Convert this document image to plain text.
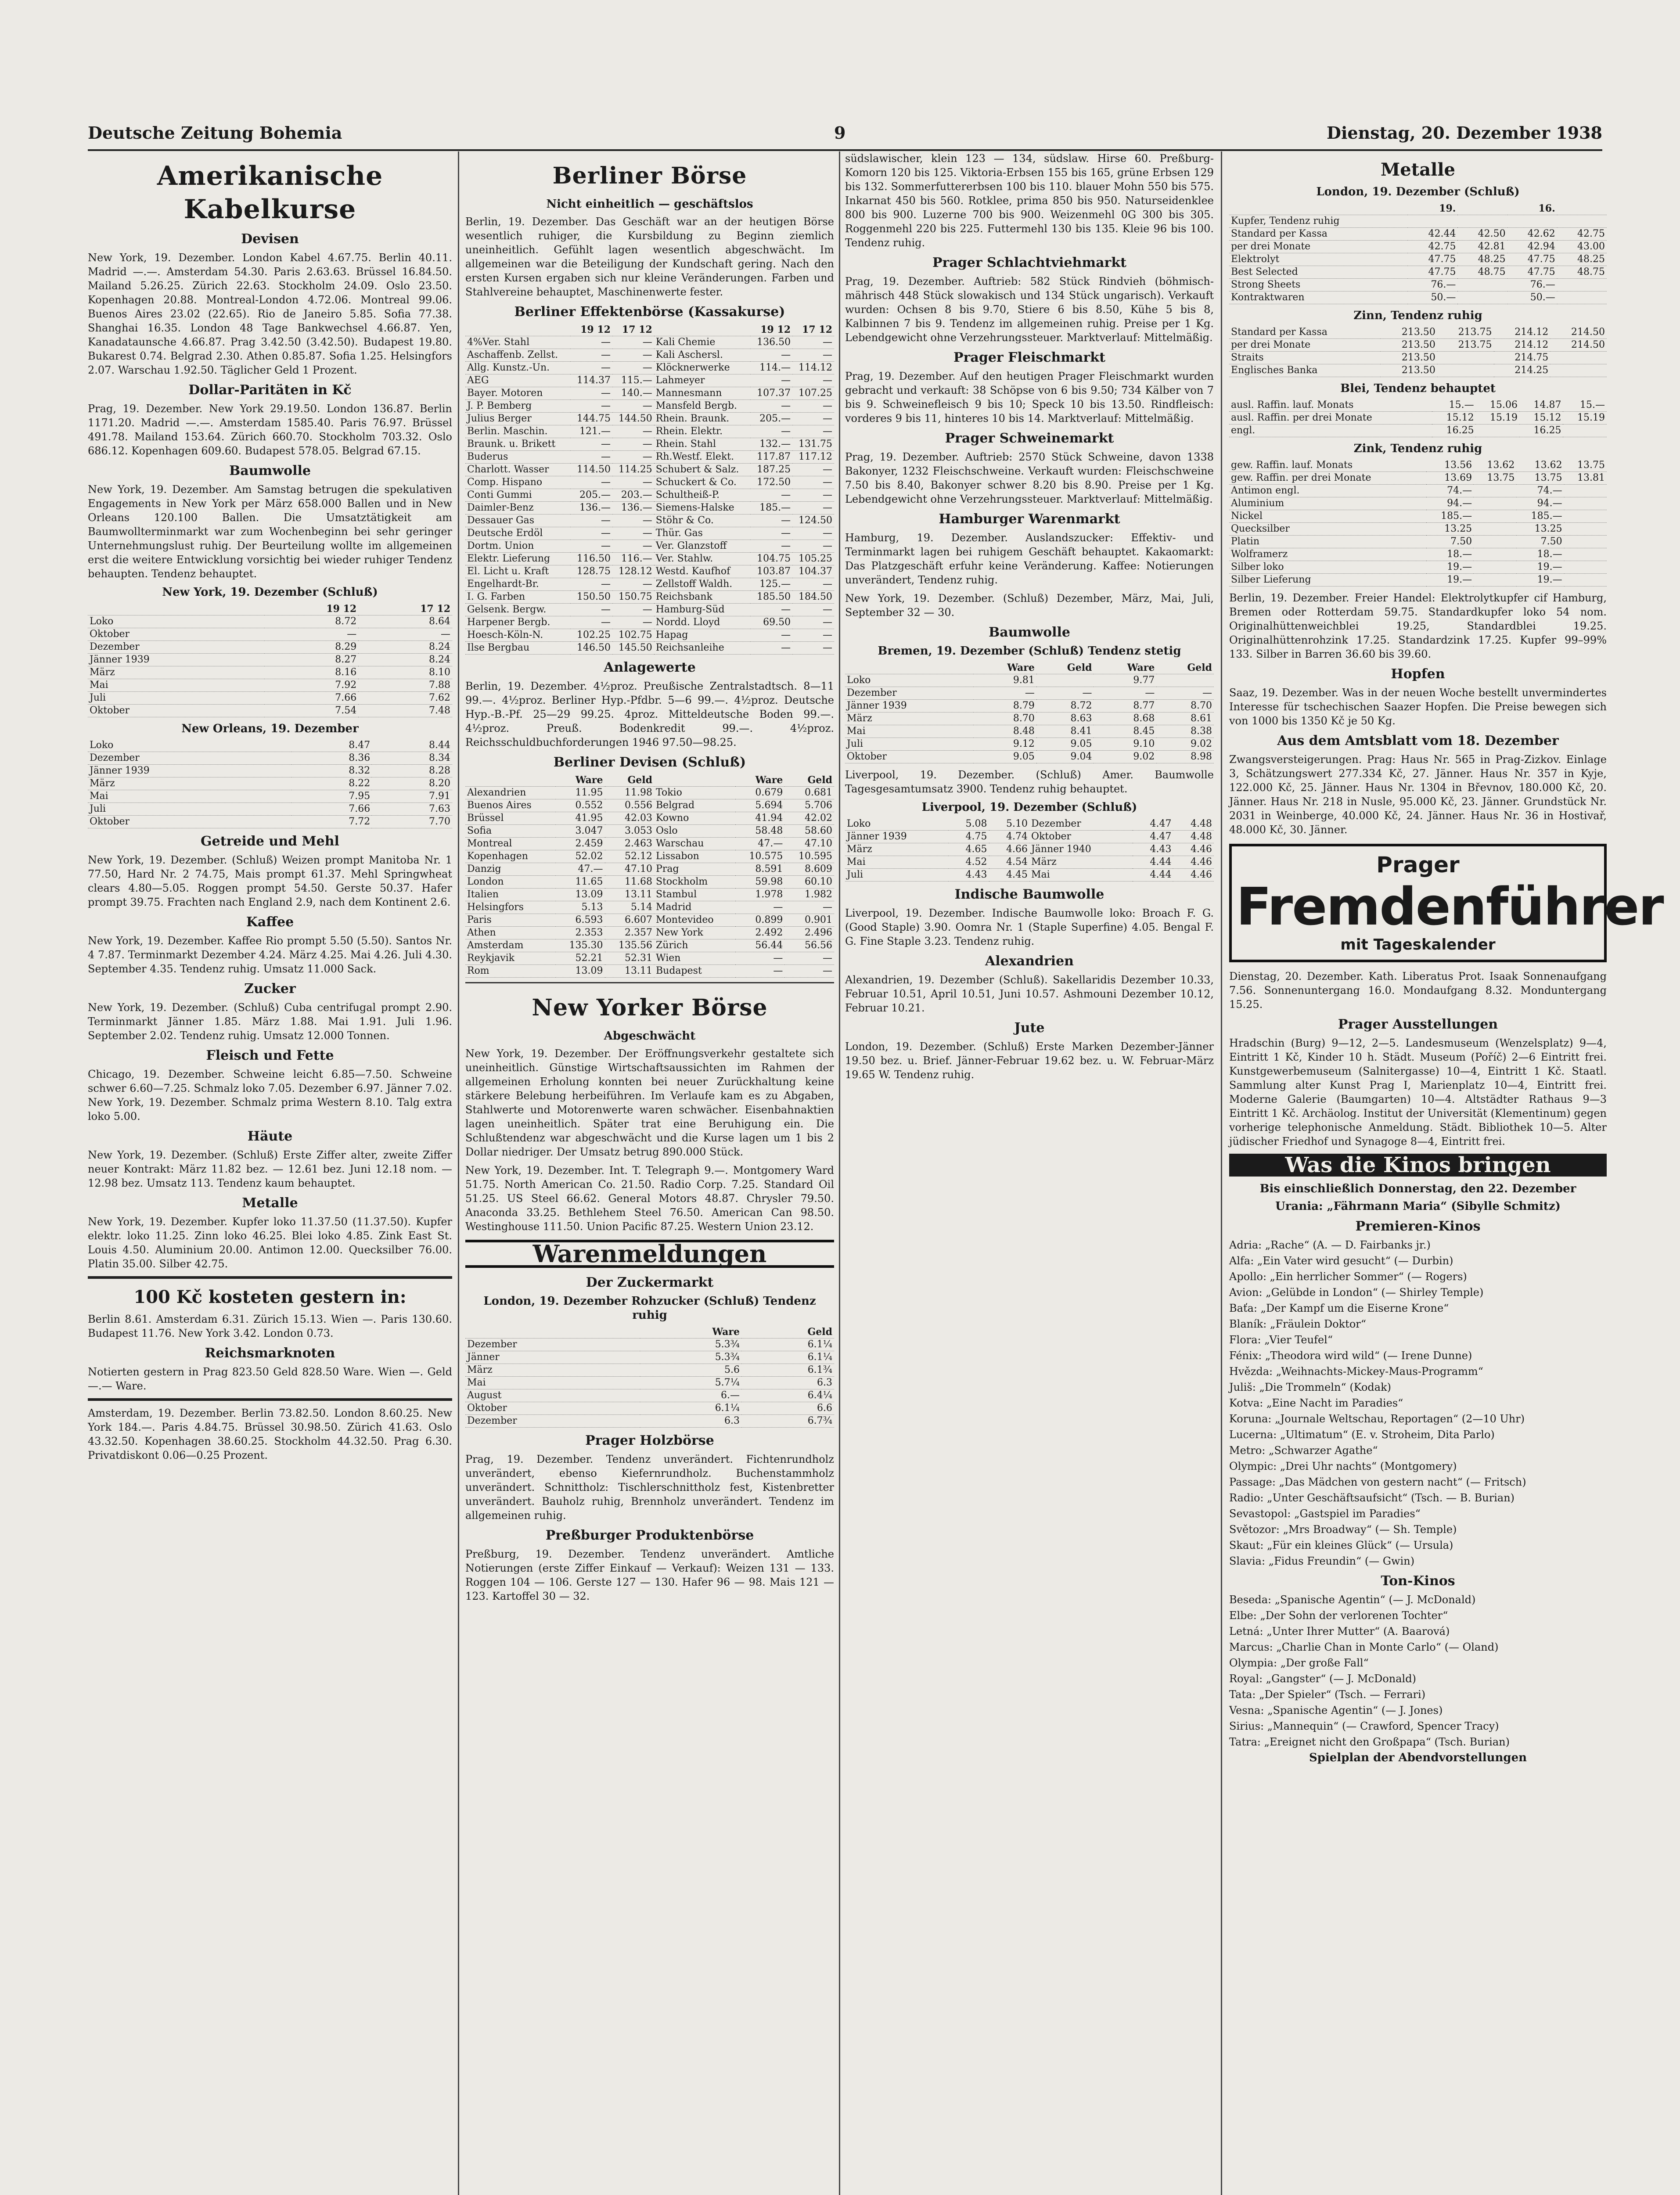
Deutsche Zeitung Bohemia	9	Dienstag, 20. Dezember 1938
Amerikanische Kabelkurse
Devisen

New York, 19. Dezember. London Kabel 4.67.75. Berlin 40.11. Madrid —.—. Amsterdam 54.30. Paris 2.63.63. Brüssel 16.84.50. Mailand 5.26.25. Zürich 22.63. Stockholm 24.09. Oslo 23.50. Kopenhagen 20.88. Montreal-London 4.72.06. Montreal 99.06. Buenos Aires 23.02 (22.65). Rio de Janeiro 5.85. Sofia 77.38. Shanghai 16.35. London 48 Tage Bankwechsel 4.66.87. Yen, Kanadataunsche 4.66.87. Prag 3.42.50 (3.42.50). Budapest 19.80. Bukarest 0.74. Belgrad 2.30. Athen 0.85.87. Sofia 1.25. Helsingfors 2.07. Warschau 1.92.50. Täglicher Geld 1 Prozent.

Dollar-Paritäten in Kč

Prag, 19. Dezember. New York 29.19.50. London 136.87. Berlin 1171.20. Madrid —.—. Amsterdam 1585.40. Paris 76.97. Brüssel 491.78. Mailand 153.64. Zürich 660.70. Stockholm 703.32. Oslo 686.12. Kopenhagen 609.60. Budapest 578.05. Belgrad 67.15.

Baumwolle

New York, 19. Dezember. Am Samstag betrugen die spekulativen Engagements in New York per März 658.000 Ballen und in New Orleans 120.100 Ballen. Die Umsatztätigkeit am Baumwollterminmarkt war zum Wochenbeginn bei sehr geringer Unternehmungslust ruhig. Der Beurteilung wollte im allgemeinen erst die weitere Entwicklung vorsichtig bei wieder ruhiger Tendenz behaupten. Tendenz behauptet.

New York, 19. Dezember (Schluß)
	19 12	17 12
Loko	8.72	8.64
Oktober	—	—
Dezember	8.29	8.24
Jänner 1939	8.27	8.24
März	8.16	8.10
Mai	7.92	7.88
Juli	7.66	7.62
Oktober	7.54	7.48
New Orleans, 19. Dezember
Loko	8.47	8.44
Dezember	8.36	8.34
Jänner 1939	8.32	8.28
März	8.22	8.20
Mai	7.95	7.91
Juli	7.66	7.63
Oktober	7.72	7.70
Getreide und Mehl

New York, 19. Dezember. (Schluß) Weizen prompt Manitoba Nr. 1 77.50, Hard Nr. 2 74.75, Mais prompt 61.37. Mehl Springwheat clears 4.80—5.05. Roggen prompt 54.50. Gerste 50.37. Hafer prompt 39.75. Frachten nach England 2.9, nach dem Kontinent 2.6.

Kaffee

New York, 19. Dezember. Kaffee Rio prompt 5.50 (5.50). Santos Nr. 4 7.87. Terminmarkt Dezember 4.24. März 4.25. Mai 4.26. Juli 4.30. September 4.35. Tendenz ruhig. Umsatz 11.000 Sack.

Zucker

New York, 19. Dezember. (Schluß) Cuba centrifugal prompt 2.90. Terminmarkt Jänner 1.85. März 1.88. Mai 1.91. Juli 1.96. September 2.02. Tendenz ruhig. Umsatz 12.000 Tonnen.

Fleisch und Fette

Chicago, 19. Dezember. Schweine leicht 6.85—7.50. Schweine schwer 6.60—7.25. Schmalz loko 7.05. Dezember 6.97. Jänner 7.02. New York, 19. Dezember. Schmalz prima Western 8.10. Talg extra loko 5.00.

Häute

New York, 19. Dezember. (Schluß) Erste Ziffer alter, zweite Ziffer neuer Kontrakt: März 11.82 bez. — 12.61 bez. Juni 12.18 nom. — 12.98 bez. Umsatz 113. Tendenz kaum behauptet.

Metalle

New York, 19. Dezember. Kupfer loko 11.37.50 (11.37.50). Kupfer elektr. loko 11.25. Zinn loko 46.25. Blei loko 4.85. Zink East St. Louis 4.50. Aluminium 20.00. Antimon 12.00. Quecksilber 76.00. Platin 35.00. Silber 42.75.

100 Kč kosteten gestern in:

Berlin 8.61. Amsterdam 6.31. Zürich 15.13. Wien —. Paris 130.60. Budapest 11.76. New York 3.42. London 0.73.

Reichsmarknoten

Notierten gestern in Prag 823.50 Geld 828.50 Ware. Wien —. Geld —.— Ware.

Amsterdam, 19. Dezember. Berlin 73.82.50. London 8.60.25. New York 184.—. Paris 4.84.75. Brüssel 30.98.50. Zürich 41.63. Oslo 43.32.50. Kopenhagen 38.60.25. Stockholm 44.32.50. Prag 6.30. Privatdiskont 0.06—0.25 Prozent.

Berliner Börse
Nicht einheitlich — geschäftslos

Berlin, 19. Dezember. Das Geschäft war an der heutigen Börse wesentlich ruhiger, die Kursbildung zu Beginn ziemlich uneinheitlich. Gefühlt lagen wesentlich abgeschwächt. Im allgemeinen war die Beteiligung der Kundschaft gering. Nach den ersten Kursen ergaben sich nur kleine Veränderungen. Farben und Stahlvereine behauptet, Maschinenwerte fester.

Berliner Effektenbörse (Kassakurse)
	19 12	17 12		19 12	17 12
4%Ver. Stahl	—	—	Kali Chemie	136.50	—
Aschaffenb. Zellst.	—	—	Kali Aschersl.	—	—
Allg. Kunstz.-Un.	—	—	Klöcknerwerke	114.—	114.12
AEG	114.37	115.—	Lahmeyer	—	—
Bayer. Motoren	—	140.—	Mannesmann	107.37	107.25
J. P. Bemberg	—	—	Mansfeld Bergb.	—	—
Julius Berger	144.75	144.50	Rhein. Braunk.	205.—	—
Berlin. Maschin.	121.—	—	Rhein. Elektr.	—	—
Braunk. u. Brikett	—	—	Rhein. Stahl	132.—	131.75
Buderus	—	—	Rh.Westf. Elekt.	117.87	117.12
Charlott. Wasser	114.50	114.25	Schubert & Salz.	187.25	—
Comp. Hispano	—	—	Schuckert & Co.	172.50	—
Conti Gummi	205.—	203.—	Schultheiß-P.	—	—
Daimler-Benz	136.—	136.—	Siemens-Halske	185.—	—
Dessauer Gas	—	—	Stöhr & Co.	—	124.50
Deutsche Erdöl	—	—	Thür. Gas	—	—
Dortm. Union	—	—	Ver. Glanzstoff	—	—
Elektr. Lieferung	116.50	116.—	Ver. Stahlw.	104.75	105.25
El. Licht u. Kraft	128.75	128.12	Westd. Kaufhof	103.87	104.37
Engelhardt-Br.	—	—	Zellstoff Waldh.	125.—	—
I. G. Farben	150.50	150.75	Reichsbank	185.50	184.50
Gelsenk. Bergw.	—	—	Hamburg-Süd	—	—
Harpener Bergb.	—	—	Nordd. Lloyd	69.50	—
Hoesch-Köln-N.	102.25	102.75	Hapag	—	—
Ilse Bergbau	146.50	145.50	Reichsanleihe	—	—
Anlagewerte

Berlin, 19. Dezember. 4½proz. Preußische Zentralstadtsch. 8—11 99.—. 4½proz. Berliner Hyp.-Pfdbr. 5—6 99.—. 4½proz. Deutsche Hyp.-B.-Pf. 25—29 99.25. 4proz. Mitteldeutsche Boden 99.—. 4½proz. Preuß. Bodenkredit 99.—. 4½proz. Reichsschuldbuchforderungen 1946 97.50—98.25.

Berliner Devisen (Schluß)
	Ware	Geld		Ware	Geld
Alexandrien	11.95	11.98	Tokio	0.679	0.681
Buenos Aires	0.552	0.556	Belgrad	5.694	5.706
Brüssel	41.95	42.03	Kowno	41.94	42.02
Sofia	3.047	3.053	Oslo	58.48	58.60
Montreal	2.459	2.463	Warschau	47.—	47.10
Kopenhagen	52.02	52.12	Lissabon	10.575	10.595
Danzig	47.—	47.10	Prag	8.591	8.609
London	11.65	11.68	Stockholm	59.98	60.10
Italien	13.09	13.11	Stambul	1.978	1.982
Helsingfors	5.13	5.14	Madrid	—	—
Paris	6.593	6.607	Montevideo	0.899	0.901
Athen	2.353	2.357	New York	2.492	2.496
Amsterdam	135.30	135.56	Zürich	56.44	56.56
Reykjavik	52.21	52.31	Wien	—	—
Rom	13.09	13.11	Budapest	—	—
New Yorker Börse
Abgeschwächt

New York, 19. Dezember. Der Eröffnungsverkehr gestaltete sich uneinheitlich. Günstige Wirtschaftsaussichten im Rahmen der allgemeinen Erholung konnten bei neuer Zurückhaltung keine stärkere Belebung herbeiführen. Im Verlaufe kam es zu Abgaben, Stahlwerte und Motorenwerte waren schwächer. Eisenbahnaktien lagen uneinheitlich. Später trat eine Beruhigung ein. Die Schlußtendenz war abgeschwächt und die Kurse lagen um 1 bis 2 Dollar niedriger. Der Umsatz betrug 890.000 Stück.

New York, 19. Dezember. Int. T. Telegraph 9.—. Montgomery Ward 51.75. North American Co. 21.50. Radio Corp. 7.25. Standard Oil 51.25. US Steel 66.62. General Motors 48.87. Chrysler 79.50. Anaconda 33.25. Bethlehem Steel 76.50. American Can 98.50. Westinghouse 111.50. Union Pacific 87.25. Western Union 23.12.

Warenmeldungen
Der Zuckermarkt
London, 19. Dezember Rohzucker (Schluß) Tendenz ruhig
	Ware	Geld
Dezember	5.3¾	6.1¼
Jänner	5.3¾	6.1¼
März	5.6	6.1¾
Mai	5.7¼	6.3
August	6.—	6.4¼
Oktober	6.1¼	6.6
Dezember	6.3	6.7¾
Prager Holzbörse

Prag, 19. Dezember. Tendenz unverändert. Fichtenrundholz unverändert, ebenso Kiefernrundholz. Buchenstammholz unverändert. Schnittholz: Tischlerschnittholz fest, Kistenbretter unverändert. Bauholz ruhig, Brennholz unverändert. Tendenz im allgemeinen ruhig.

Preßburger Produktenbörse

Preßburg, 19. Dezember. Tendenz unverändert. Amtliche Notierungen (erste Ziffer Einkauf — Verkauf): Weizen 131 — 133. Roggen 104 — 106. Gerste 127 — 130. Hafer 96 — 98. Mais 121 — 123. Kartoffel 30 — 32.

südslawischer, klein 123 — 134, südslaw. Hirse 60. Preßburg-Komorn 120 bis 125. Viktoria-Erbsen 155 bis 165, grüne Erbsen 129 bis 132. Sommerfuttererbsen 100 bis 110. blauer Mohn 550 bis 575. Inkarnat 450 bis 560. Rotklee, prima 850 bis 950. Naturseidenklee 800 bis 900. Luzerne 700 bis 900. Weizenmehl 0G 300 bis 305. Roggenmehl 220 bis 225. Futtermehl 130 bis 135. Kleie 96 bis 100. Tendenz ruhig.

Prager Schlachtviehmarkt

Prag, 19. Dezember. Auftrieb: 582 Stück Rindvieh (böhmisch-mährisch 448 Stück slowakisch und 134 Stück ungarisch). Verkauft wurden: Ochsen 8 bis 9.70, Stiere 6 bis 8.50, Kühe 5 bis 8, Kalbinnen 7 bis 9. Tendenz im allgemeinen ruhig. Preise per 1 Kg. Lebendgewicht ohne Verzehrungssteuer. Marktverlauf: Mittelmäßig.

Prager Fleischmarkt

Prag, 19. Dezember. Auf den heutigen Prager Fleischmarkt wurden gebracht und verkauft: 38 Schöpse von 6 bis 9.50; 734 Kälber von 7 bis 9. Schweinefleisch 9 bis 10; Speck 10 bis 13.50. Rindfleisch: vorderes 9 bis 11, hinteres 10 bis 14. Marktverlauf: Mittelmäßig.

Prager Schweinemarkt

Prag, 19. Dezember. Auftrieb: 2570 Stück Schweine, davon 1338 Bakonyer, 1232 Fleischschweine. Verkauft wurden: Fleischschweine 7.50 bis 8.40, Bakonyer schwer 8.20 bis 8.90. Preise per 1 Kg. Lebendgewicht ohne Verzehrungssteuer. Marktverlauf: Mittelmäßig.

Hamburger Warenmarkt

Hamburg, 19. Dezember. Auslandszucker: Effektiv- und Terminmarkt lagen bei ruhigem Geschäft behauptet. Kakaomarkt: Das Platzgeschäft erfuhr keine Veränderung. Kaffee: Notierungen unverändert, Tendenz ruhig.

New York, 19. Dezember. (Schluß) Dezember, März, Mai, Juli, September 32 — 30.

Baumwolle
Bremen, 19. Dezember (Schluß) Tendenz stetig
	Ware	Geld	Ware	Geld
Loko	9.81		9.77	
Dezember	—	—	—	—
Jänner 1939	8.79	8.72	8.77	8.70
März	8.70	8.63	8.68	8.61
Mai	8.48	8.41	8.45	8.38
Juli	9.12	9.05	9.10	9.02
Oktober	9.05	9.04	9.02	8.98

Liverpool, 19. Dezember. (Schluß) Amer. Baumwolle Tagesgesamtumsatz 3900. Tendenz ruhig behauptet.

Liverpool, 19. Dezember (Schluß)
Loko	5.08	5.10	Dezember	4.47	4.48
Jänner 1939	4.75	4.74	Oktober	4.47	4.48
März	4.65	4.66	Jänner 1940	4.43	4.46
Mai	4.52	4.54	März	4.44	4.46
Juli	4.43	4.45	Mai	4.44	4.46
Indische Baumwolle

Liverpool, 19. Dezember. Indische Baumwolle loko: Broach F. G. (Good Staple) 3.90. Oomra Nr. 1 (Staple Superfine) 4.05. Bengal F. G. Fine Staple 3.23. Tendenz ruhig.

Alexandrien

Alexandrien, 19. Dezember (Schluß). Sakellaridis Dezember 10.33, Februar 10.51, April 10.51, Juni 10.57. Ashmouni Dezember 10.12, Februar 10.21.

Jute

London, 19. Dezember. (Schluß) Erste Marken Dezember-Jänner 19.50 bez. u. Brief. Jänner-Februar 19.62 bez. u. W. Februar-März 19.65 W. Tendenz ruhig.

Metalle
London, 19. Dezember (Schluß)
	19.		16.	
Kupfer, Tendenz ruhig				
Standard per Kassa	42.44	42.50	42.62	42.75
per drei Monate	42.75	42.81	42.94	43.00
Elektrolyt	47.75	48.25	47.75	48.25
Best Selected	47.75	48.75	47.75	48.75
Strong Sheets	76.—		76.—	
Kontraktwaren	50.—		50.—	
Zinn, Tendenz ruhig
Standard per Kassa	213.50	213.75	214.12	214.50
per drei Monate	213.50	213.75	214.12	214.50
Straits	213.50		214.75	
Englisches Banka	213.50		214.25	
Blei, Tendenz behauptet
ausl. Raffin. lauf. Monats	15.—	15.06	14.87	15.—
ausl. Raffin. per drei Monate	15.12	15.19	15.12	15.19
engl.	16.25		16.25	
Zink, Tendenz ruhig
gew. Raffin. lauf. Monats	13.56	13.62	13.62	13.75
gew. Raffin. per drei Monate	13.69	13.75	13.75	13.81
Antimon engl.	74.—		74.—	
Aluminium	94.—		94.—	
Nickel	185.—		185.—	
Quecksilber	13.25		13.25	
Platin	7.50		7.50	
Wolframerz	18.—		18.—	
Silber loko	19.—		19.—	
Silber Lieferung	19.—		19.—	

Berlin, 19. Dezember. Freier Handel: Elektrolytkupfer cif Hamburg, Bremen oder Rotterdam 59.75. Standardkupfer loko 54 nom. Originalhüttenweichblei 19.25, Standardblei 19.25. Originalhüttenrohzink 17.25. Standardzink 17.25. Kupfer 99–99% 133. Silber in Barren 36.60 bis 39.60.

Hopfen

Saaz, 19. Dezember. Was in der neuen Woche bestellt unvermindertes Interesse für tschechischen Saazer Hopfen. Die Preise bewegen sich von 1000 bis 1350 Kč je 50 Kg.

Aus dem Amtsblatt vom 18. Dezember

Zwangsversteigerungen. Prag: Haus Nr. 565 in Prag-Zizkov. Einlage 3, Schätzungswert 277.334 Kč, 27. Jänner. Haus Nr. 357 in Kyje, 122.000 Kč, 25. Jänner. Haus Nr. 1304 in Břevnov, 180.000 Kč, 20. Jänner. Haus Nr. 218 in Nusle, 95.000 Kč, 23. Jänner. Grundstück Nr. 2031 in Weinberge, 40.000 Kč, 24. Jänner. Haus Nr. 36 in Hostivař, 48.000 Kč, 30. Jänner.

Prager
Fremdenführer
mit Tageskalender

Dienstag, 20. Dezember. Kath. Liberatus Prot. Isaak Sonnenaufgang 7.56. Sonnenuntergang 16.0. Mondaufgang 8.32. Monduntergang 15.25.

Prager Ausstellungen

Hradschin (Burg) 9—12, 2—5. Landesmuseum (Wenzelsplatz) 9—4, Eintritt 1 Kč, Kinder 10 h. Städt. Museum (Poříč) 2—6 Eintritt frei. Kunstgewerbemuseum (Salnitergasse) 10—4, Eintritt 1 Kč. Staatl. Sammlung alter Kunst Prag I, Marienplatz 10—4, Eintritt frei. Moderne Galerie (Baumgarten) 10—4. Altstädter Rathaus 9—3 Eintritt 1 Kč. Archäolog. Institut der Universität (Klementinum) gegen vorherige telephonische Anmeldung. Städt. Bibliothek 10—5. Alter jüdischer Friedhof und Synagoge 8—4, Eintritt frei.

Was die Kinos bringen
Bis einschließlich Donnerstag, den 22. Dezember
Urania: „Fährmann Maria“ (Sibylle Schmitz)
Premieren-Kinos
Adria: „Rache“ (A. — D. Fairbanks jr.)
Alfa: „Ein Vater wird gesucht“ (— Durbin)
Apollo: „Ein herrlicher Sommer“ (— Rogers)
Avion: „Gelübde in London“ (— Shirley Temple)
Baťa: „Der Kampf um die Eiserne Krone“
Blaník: „Fräulein Doktor“
Flora: „Vier Teufel“
Fénix: „Theodora wird wild“ (— Irene Dunne)
Hvězda: „Weihnachts-Mickey-Maus-Programm“
Juliš: „Die Trommeln“ (Kodak)
Kotva: „Eine Nacht im Paradies“
Koruna: „Journale Weltschau, Reportagen“ (2—10 Uhr)
Lucerna: „Ultimatum“ (E. v. Stroheim, Dita Parlo)
Metro: „Schwarzer Agathe“
Olympic: „Drei Uhr nachts“ (Montgomery)
Passage: „Das Mädchen von gestern nacht“ (— Fritsch)
Radio: „Unter Geschäftsaufsicht“ (Tsch. — B. Burian)
Sevastopol: „Gastspiel im Paradies“
Světozor: „Mrs Broadway“ (— Sh. Temple)
Skaut: „Für ein kleines Glück“ (— Ursula)
Slavia: „Fidus Freundin“ (— Gwin)
Ton-Kinos
Beseda: „Spanische Agentin“ (— J. McDonald)
Elbe: „Der Sohn der verlorenen Tochter“
Letná: „Unter Ihrer Mutter“ (A. Baarová)
Marcus: „Charlie Chan in Monte Carlo“ (— Oland)
Olympia: „Der große Fall“
Royal: „Gangster“ (— J. McDonald)
Tata: „Der Spieler“ (Tsch. — Ferrari)
Vesna: „Spanische Agentin“ (— J. Jones)
Sirius: „Mannequin“ (— Crawford, Spencer Tracy)
Tatra: „Ereignet nicht den Großpapa“ (Tsch. Burian)
Spielplan der Abendvorstellungen
